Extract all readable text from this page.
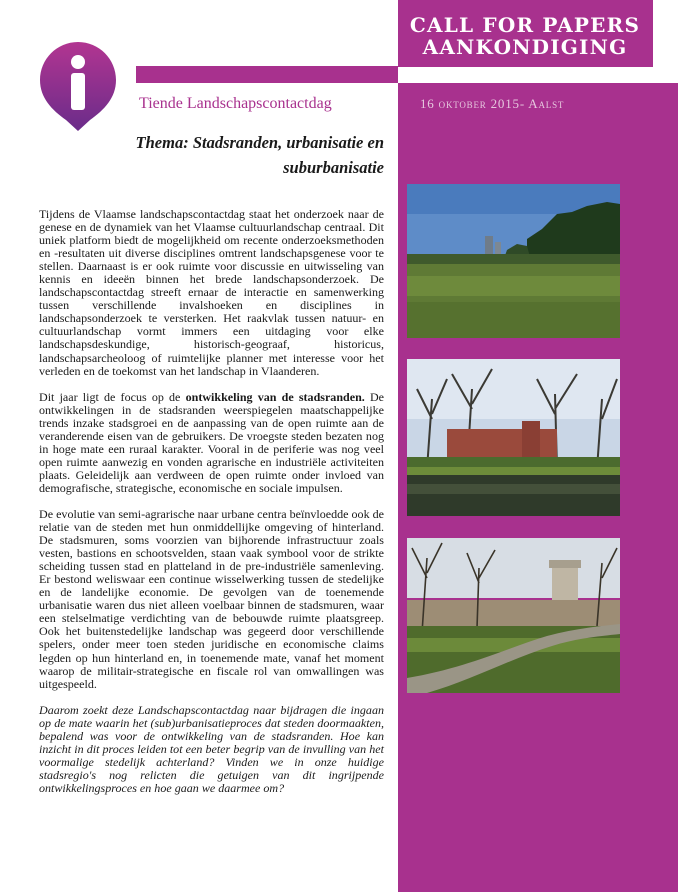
CALL FOR PAPERS
AANKONDIGING
Tiende Landschapscontactdag	16 oktober 2015- Aalst
Thema: Stadsranden, urbanisatie en
suburbanisatie

Tijdens de Vlaamse landschapscontactdag staat het onderzoek naar de genese en de dynamiek van het Vlaamse cultuurlandschap centraal. Dit uniek platform biedt de mogelijkheid om recente onderzoeksmethoden en -resultaten uit diverse disciplines omtrent landschapsgenese voor te stellen. Daarnaast is er ook ruimte voor discussie en uitwisseling van kennis en ideeën binnen het brede landschapsonderzoek. De landschapscontactdag streeft ernaar de interactie en samenwerking tussen verschillende invalshoeken en disciplines in landschapsonderzoek te versterken. Het raakvlak tussen natuur- en cultuurlandschap vormt immers een uitdaging voor elke landschapsdeskundige, historisch-geograaf, historicus, landschapsarcheoloog of ruimtelijke planner met interesse voor het verleden en de toekomst van het landschap in Vlaanderen.

Dit jaar ligt de focus op de ontwikkeling van de stadsranden. De ontwikkelingen in de stadsranden weerspiegelen maatschappelijke trends inzake stadsgroei en de aanpassing van de open ruimte aan de veranderende eisen van de gebruikers. De vroegste steden bezaten nog in hoge mate een ruraal karakter. Vooral in de periferie was nog veel open ruimte aanwezig en vonden agrarische en industriële activiteiten plaats. Geleidelijk aan verdween de open ruimte onder invloed van demografische, strategische, economische en sociale impulsen.

De evolutie van semi-agrarische naar urbane centra beïnvloedde ook de relatie van de steden met hun onmiddellijke omgeving of hinterland. De stadsmuren, soms voorzien van bijhorende infrastructuur zoals vesten, bastions en schootsvelden, staan vaak symbool voor de strikte scheiding tussen stad en platteland in de pre-industriële samenleving. Er bestond weliswaar een continue wisselwerking tussen de stedelijke en de landelijke economie. De gevolgen van de toenemende urbanisatie waren dus niet alleen voelbaar binnen de stadsmuren, waar een stelselmatige verdichting van de bebouwde ruimte plaatsgreep. Ook het buitenstedelijke landschap was gegeerd door verschillende spelers, onder meer toen steden juridische en economische claims legden op hun hinterland en, in toenemende mate, vanaf het moment waarop de militair-strategische en fiscale rol van omwallingen was uitgespeeld.

Daarom zoekt deze Landschapscontactdag naar bijdragen die ingaan op de mate waarin het (sub)urbanisatieproces dat steden doormaakten, bepalend was voor de ontwikkeling van de stadsranden. Hoe kan inzicht in dit proces leiden tot een beter begrip van de invulling van het voormalige stedelijk achterland? Vinden we in onze huidige stadsregio's nog relicten die getuigen van dit ingrijpende ontwikkelingsproces en hoe gaan we daarmee om?
